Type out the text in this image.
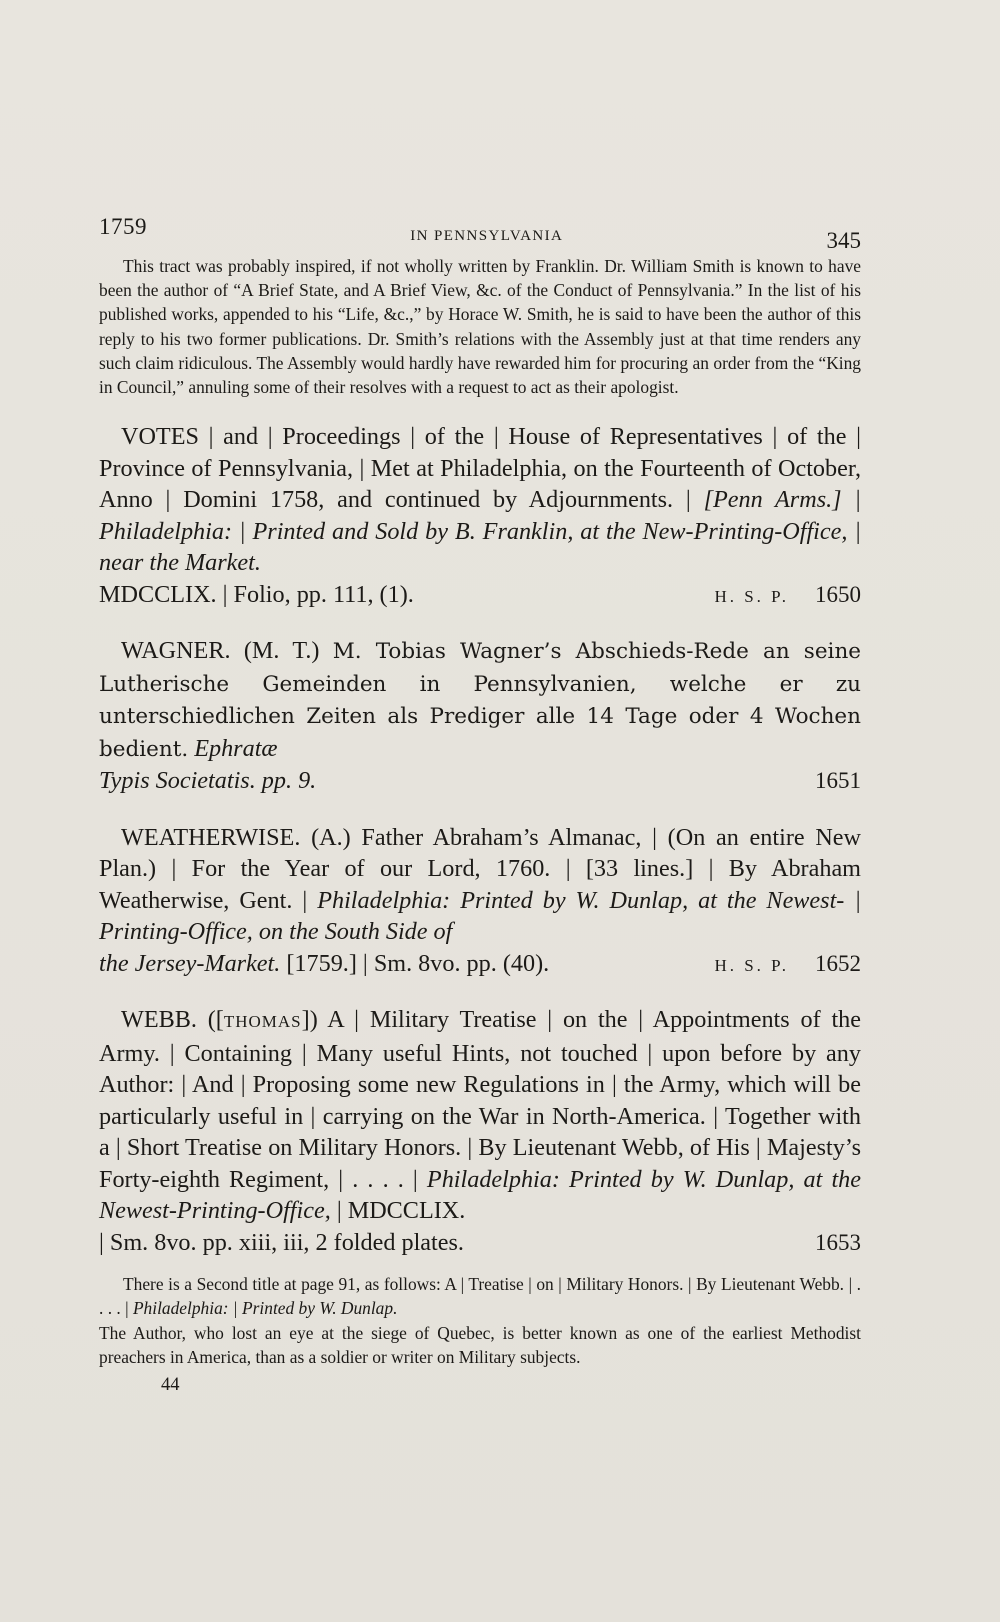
1759	IN PENNSYLVANIA	345

This tract was probably inspired, if not wholly written by Franklin. Dr. William Smith is known to have been the author of “A Brief State, and A Brief View, &c. of the Conduct of Pennsylvania.” In the list of his published works, appended to his “Life, &c.,” by Horace W. Smith, he is said to have been the author of this reply to his two former publications. Dr. Smith’s relations with the Assembly just at that time renders any such claim ridiculous. The Assembly would hardly have rewarded him for procuring an order from the “King in Council,” annuling some of their resolves with a request to act as their apologist.

VOTES | and | Proceedings | of the | House of Representatives | of the | Province of Pennsylvania, | Met at Philadelphia, on the Fourteenth of October, Anno | Domini 1758, and continued by Adjournments. | [Penn Arms.] | Philadelphia: | Printed and Sold by B. Franklin, at the New-Printing-Office, | near the Market.

MDCCLIX. | Folio, pp. 111, (1).	H. S. P. 1650

WAGNER. (M. T.) M. Tobias Wagner’s Abschieds-Rede an seine Lutherische Gemeinden in Pennsylvanien, welche er zu unterschiedlichen Zeiten als Prediger alle 14 Tage oder 4 Wochen bedient. Ephratæ

Typis Societatis. pp. 9.	1651

WEATHERWISE. (A.) Father Abraham’s Almanac, | (On an entire New Plan.) | For the Year of our Lord, 1760. | [33 lines.] | By Abraham Weatherwise, Gent. | Philadelphia: Printed by W. Dunlap, at the Newest- | Printing-Office, on the South Side of

the Jersey-Market. [1759.] | Sm. 8vo. pp. (40).	H. S. P. 1652

WEBB. ([THOMAS]) A | Military Treatise | on the | Appointments of the Army. | Containing | Many useful Hints, not touched | upon before by any Author: | And | Proposing some new Regulations in | the Army, which will be particularly useful in | carrying on the War in North-America. | Together with a | Short Treatise on Military Honors. | By Lieutenant Webb, of His | Majesty’s Forty-eighth Regiment, | . . . . | Philadelphia: Printed by W. Dunlap, at the Newest-Printing-Office, | MDCCLIX.

| Sm. 8vo. pp. xiii, iii, 2 folded plates.	1653

There is a Second title at page 91, as follows: A | Treatise | on | Military Honors. | By Lieutenant Webb. | . . . . | Philadelphia: | Printed by W. Dunlap.

The Author, who lost an eye at the siege of Quebec, is better known as one of the earliest Methodist preachers in America, than as a soldier or writer on Military subjects.

44
